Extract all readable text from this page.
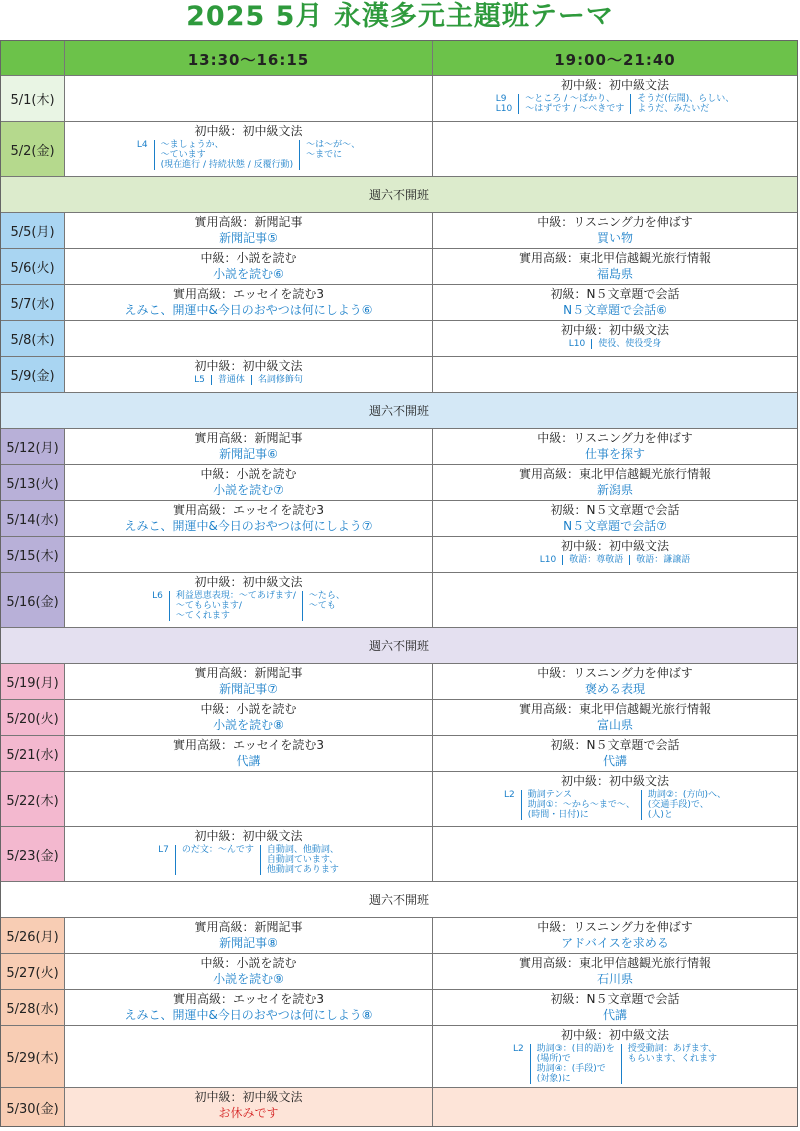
2025 5月 永漢多元主題班テーマ
13:30〜16:15	19:00〜21:40
5/1(木)
初中級：初中級文法
L9
L10
～ところ / ～ばかり、
～はずです / ～べきです
そうだ(伝聞)、らしい、
ようだ、みたいだ
5/2(金)
初中級：初中級文法
L4 ～ましょうか、
～ています
(現在進行 / 持続状態 / 反覆行動)
～は～が～、
～までに
週六不開班
5/5(月)
實用高級：新聞記事
新聞記事⑤
中級：リスニング力を伸ばす
買い物
5/6(火)
中級：小説を読む
小説を読む⑥
實用高級：東北甲信越観光旅行情報
福島県
5/7(水)
實用高級：エッセイを読む3
えみこ、開運中&今日のおやつは何にしよう⑥
初級：N５文章題で会話
N５文章題で会話⑥
5/8(木)
初中級：初中級文法
L10 使役、使役受身
5/9(金)
初中級：初中級文法
L5 普通体 名詞修飾句
週六不開班
5/12(月)
實用高級：新聞記事
新聞記事⑥
中級：リスニング力を伸ばす
仕事を探す
5/13(火)
中級：小説を読む
小説を読む⑦
實用高級：東北甲信越観光旅行情報
新潟県
5/14(水)
實用高級：エッセイを読む3
えみこ、開運中&今日のおやつは何にしよう⑦
初級：N５文章題で会話
N５文章題で会話⑦
5/15(木)
初中級：初中級文法
L10 敬語：尊敬語 敬語：謙譲語
5/16(金)
初中級：初中級文法
L6 利益恩恵表現：～てあげます/
～てもらいます/
～てくれます
～たら、
～ても
週六不開班
5/19(月)
實用高級：新聞記事
新聞記事⑦
中級：リスニング力を伸ばす
褒める表現
5/20(火)
中級：小説を読む
小説を読む⑧
實用高級：東北甲信越観光旅行情報
富山県
5/21(水)
實用高級：エッセイを読む3
代講
初級：N５文章題で会話
代講
5/22(木)
初中級：初中級文法
L2 動詞テンス
助詞①：～から～まで～、
(時間・日付)に
助詞②：(方向)へ、
(交通手段)で、
(人)と
5/23(金)
初中級：初中級文法
L7 のだ文：～んです 自動詞、他動詞、
自動詞ています、
他動詞てあります
週六不開班
5/26(月)
實用高級：新聞記事
新聞記事⑧
中級：リスニング力を伸ばす
アドバイスを求める
5/27(火)
中級：小説を読む
小説を読む⑨
實用高級：東北甲信越観光旅行情報
石川県
5/28(水)
實用高級：エッセイを読む3
えみこ、開運中&今日のおやつは何にしよう⑧
初級：N５文章題で会話
代講
5/29(木)
初中級：初中級文法
L2 助詞③：(目的語)を
(場所)で
助詞④：(手段)で
(対象)に
授受動詞：あげます、
もらいます、くれます
5/30(金)
初中級：初中級文法
お休みです
